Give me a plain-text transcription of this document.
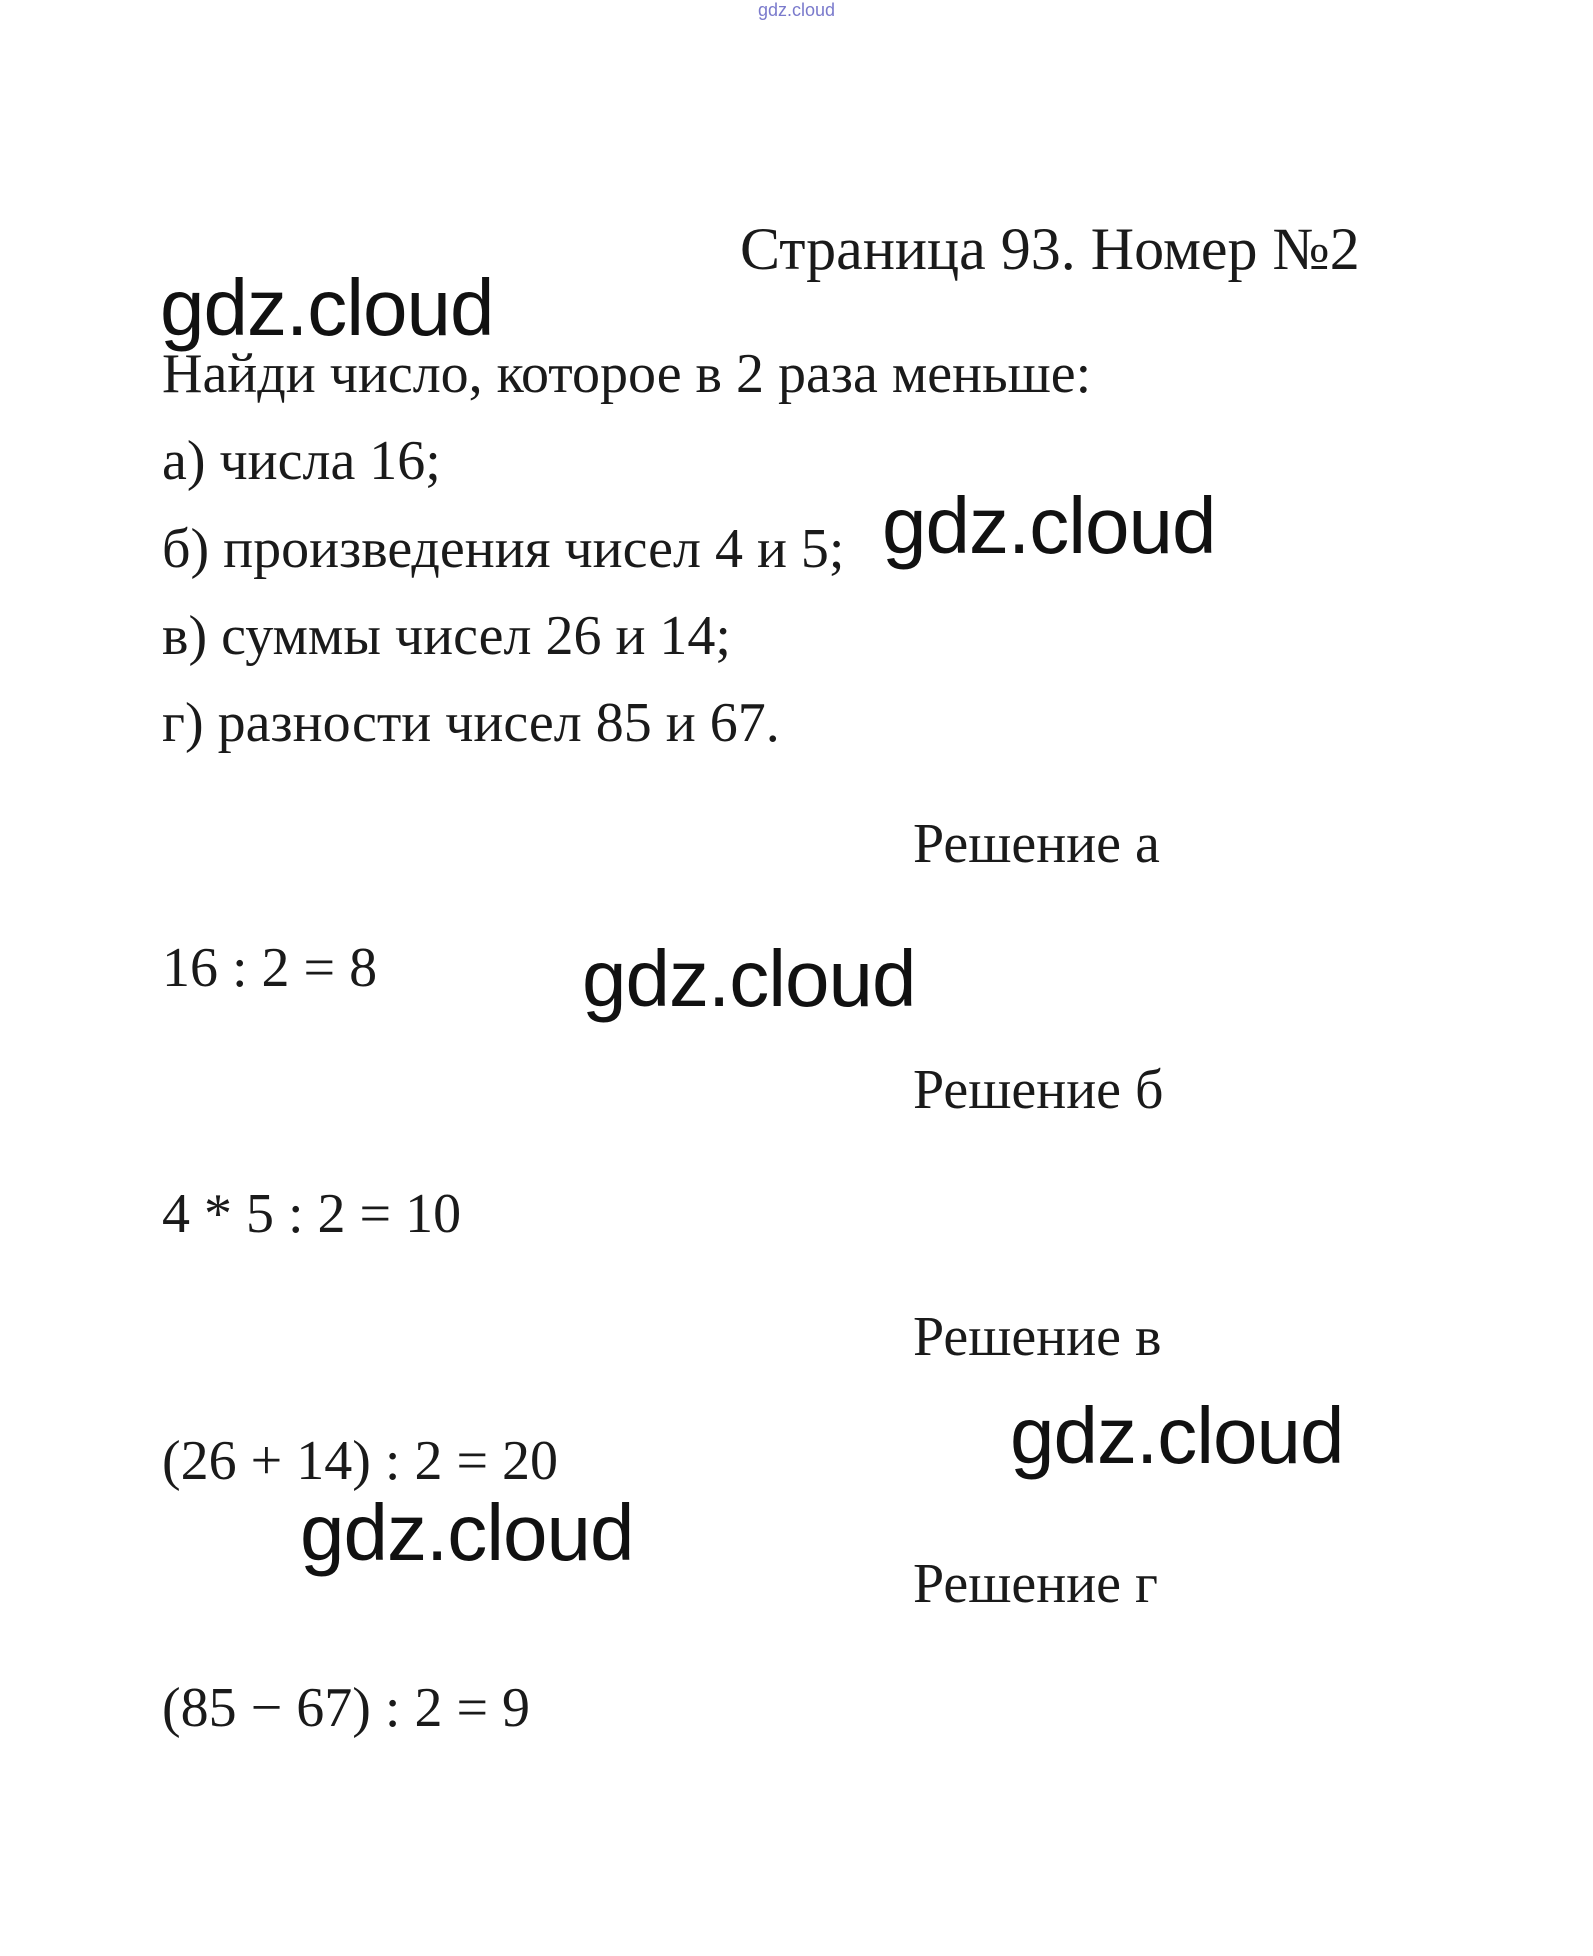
gdz.cloud
Страница 93. Номер №2
gdz.cloud
Найди число, которое в 2 раза меньше:
а) числа 16;
б) произведения чисел 4 и 5; gdz.cloud
в) суммы чисел 26 и 14;
г) разности чисел 85 и 67.
Решение а
16 : 2 = 8	gdz.cloud
Решение б
4 * 5 : 2 = 10
Решение в
gdz.cloud
(26 + 14) : 2 = 20
gdz.cloud
Решение г
(85 − 67) : 2 = 9
